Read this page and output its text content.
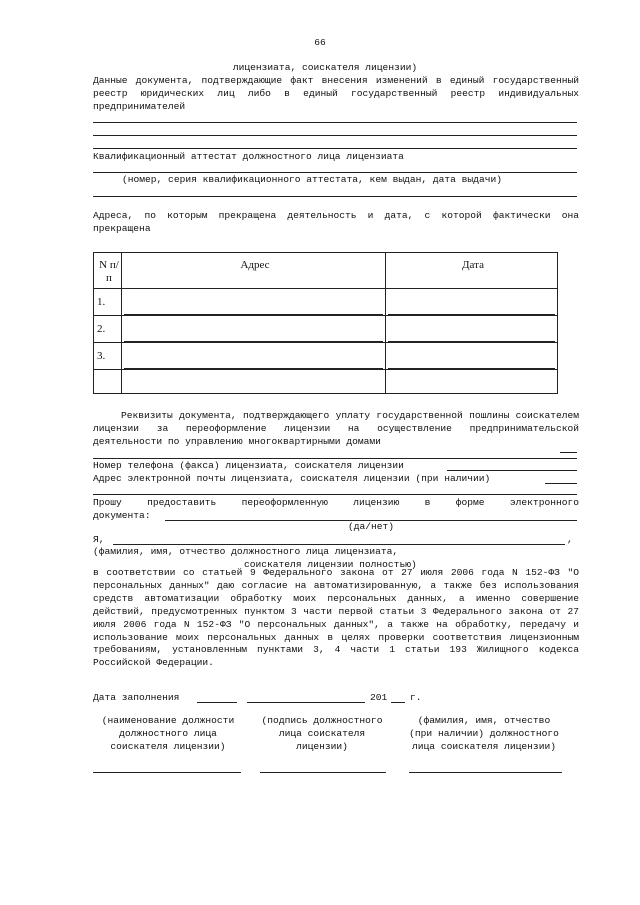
66
лицензиата, соискателя лицензии)
Данные документа, подтверждающие факт внесения изменений в единый государственный реестр юридических лиц либо в единый государственный реестр индивидуальных предпринимателей
Квалификационный аттестат должностного лица лицензиата
(номер, серия квалификационного аттестата, кем выдан, дата выдачи)
Адреса, по которым прекращена деятельность и дата, с которой фактически она прекращена
N п/п	Адрес	Дата
1.	

2.	

3.	

Реквизиты документа, подтверждающего уплату государственной пошлины соискателем лицензии за переоформление лицензии на осуществление предпринимательской деятельности по управлению многоквартирными домами
Номер телефона (факса) лицензиата, соискателя лицензии
Адрес электронной почты лицензиата, соискателя лицензии (при наличии)
Прошу предоставить переоформленную лицензию в форме электронного
документа:
(да/нет)
Я,	,
(фамилия, имя, отчество должностного лица лицензиата,
соискателя лицензии полностью)
в соответствии со статьей 9 Федерального закона от 27 июля 2006 года N 152-ФЗ "О персональных данных" даю согласие на автоматизированную, а также без использования средств автоматизации обработку моих персональных данных, а именно совершение действий, предусмотренных пунктом 3 части первой статьи 3 Федерального закона от 27 июля 2006 года N 152-ФЗ "О персональных данных", а также на обработку, передачу и использование моих персональных данных в целях проверки соответствия лицензионным требованиям, установленным пунктами 3, 4 части 1 статьи 193 Жилищного кодекса Российской Федерации.
Дата заполнения	201 г.
(наименование должности
должностного лица
соискателя лицензии)
(подпись должностного
лица соискателя
лицензии)
(фамилия, имя, отчество
(при наличии) должностного
лица соискателя лицензии)
